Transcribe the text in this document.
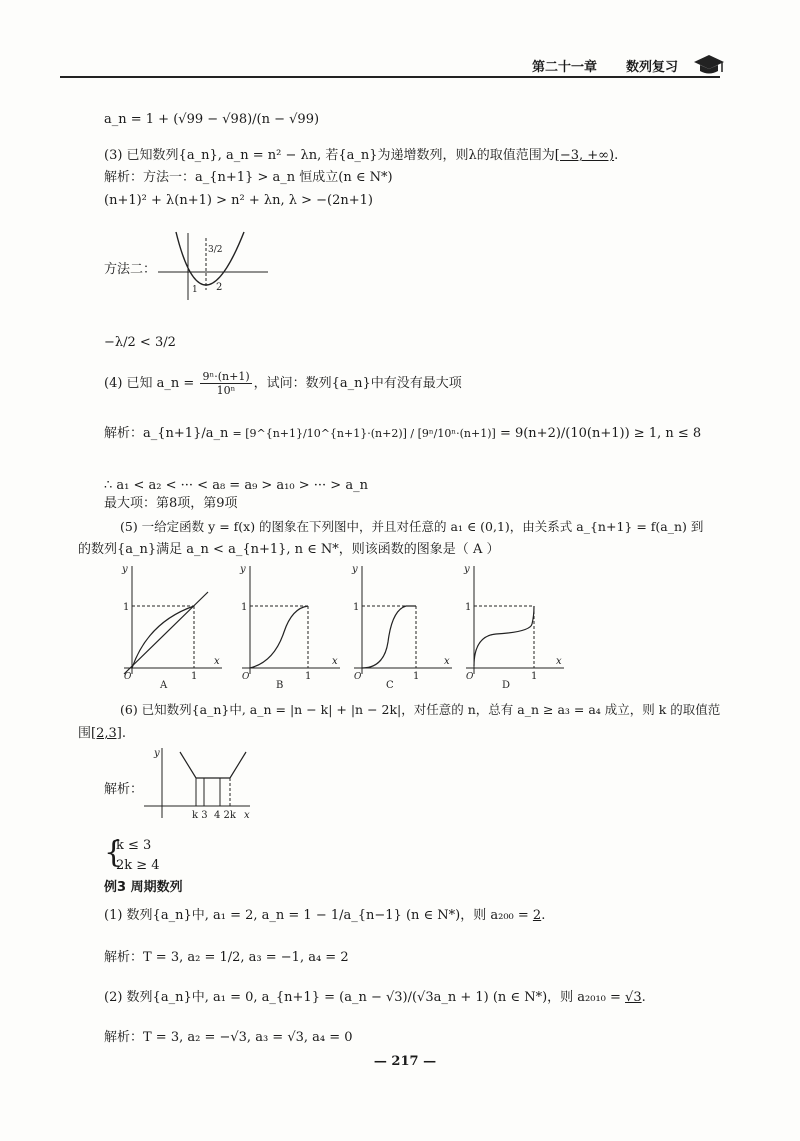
第二十一章 数列复习
a_n = 1 + (√99 − √98)/(n − √99)
(3) 已知数列{a_n}, a_n = n² − λn, 若{a_n}为递增数列，则λ的取值范围为[−3, +∞).
解析：方法一：a_{n+1} > a_n 恒成立(n ∈ N*)
(n+1)² + λ(n+1) > n² + λn, λ > −(2n+1)
方法二：
3/2
1 2
−λ/2 < 3/2
(4) 已知 a_n = $\frac{\text{9ⁿ·(n+1)}}{\text{10ⁿ}}$ ，试问：数列{a_n}中有没有最大项
解析：a_{n+1}/a_n = [9^{n+1}/10^{n+1}·(n+2)] / [9ⁿ/10ⁿ·(n+1)] = 9(n+2)/(10(n+1)) ≥ 1, n ≤ 8
∴ a₁ < a₂ < ··· < a₈ = a₉ > a₁₀ > ··· > a_n
最大项：第8项，第9项
(5) 一给定函数 y = f(x) 的图象在下列图中，并且对任意的 a₁ ∈ (0,1)，由关系式 a_{n+1} = f(a_n) 到
的数列{a_n}满足 a_n < a_{n+1}, n ∈ N*，则该函数的图象是（ A ）
y
x
1
1
O
A
y
x
1
1
O
B
y
x
1
1
O
C
y
x
1
1
O
D
(6) 已知数列{a_n}中, a_n = |n − k| + |n − 2k|，对任意的 n，总有 a_n ≥ a₃ = a₄ 成立，则 k 的取值范
围[2,3].
解析：
y
x
k 3  4 2k
{
k ≤ 3
2k ≥ 4
例3 周期数列
(1) 数列{a_n}中, a₁ = 2, a_n = 1 − 1/a_{n−1} (n ∈ N*)，则 a₂₀₀ = 2.
解析：T = 3, a₂ = 1/2, a₃ = −1, a₄ = 2
(2) 数列{a_n}中, a₁ = 0, a_{n+1} = (a_n − √3)/(√3a_n + 1) (n ∈ N*)，则 a₂₀₁₀ = √3.
解析：T = 3, a₂ = −√3, a₃ = √3, a₄ = 0
— 217 —
